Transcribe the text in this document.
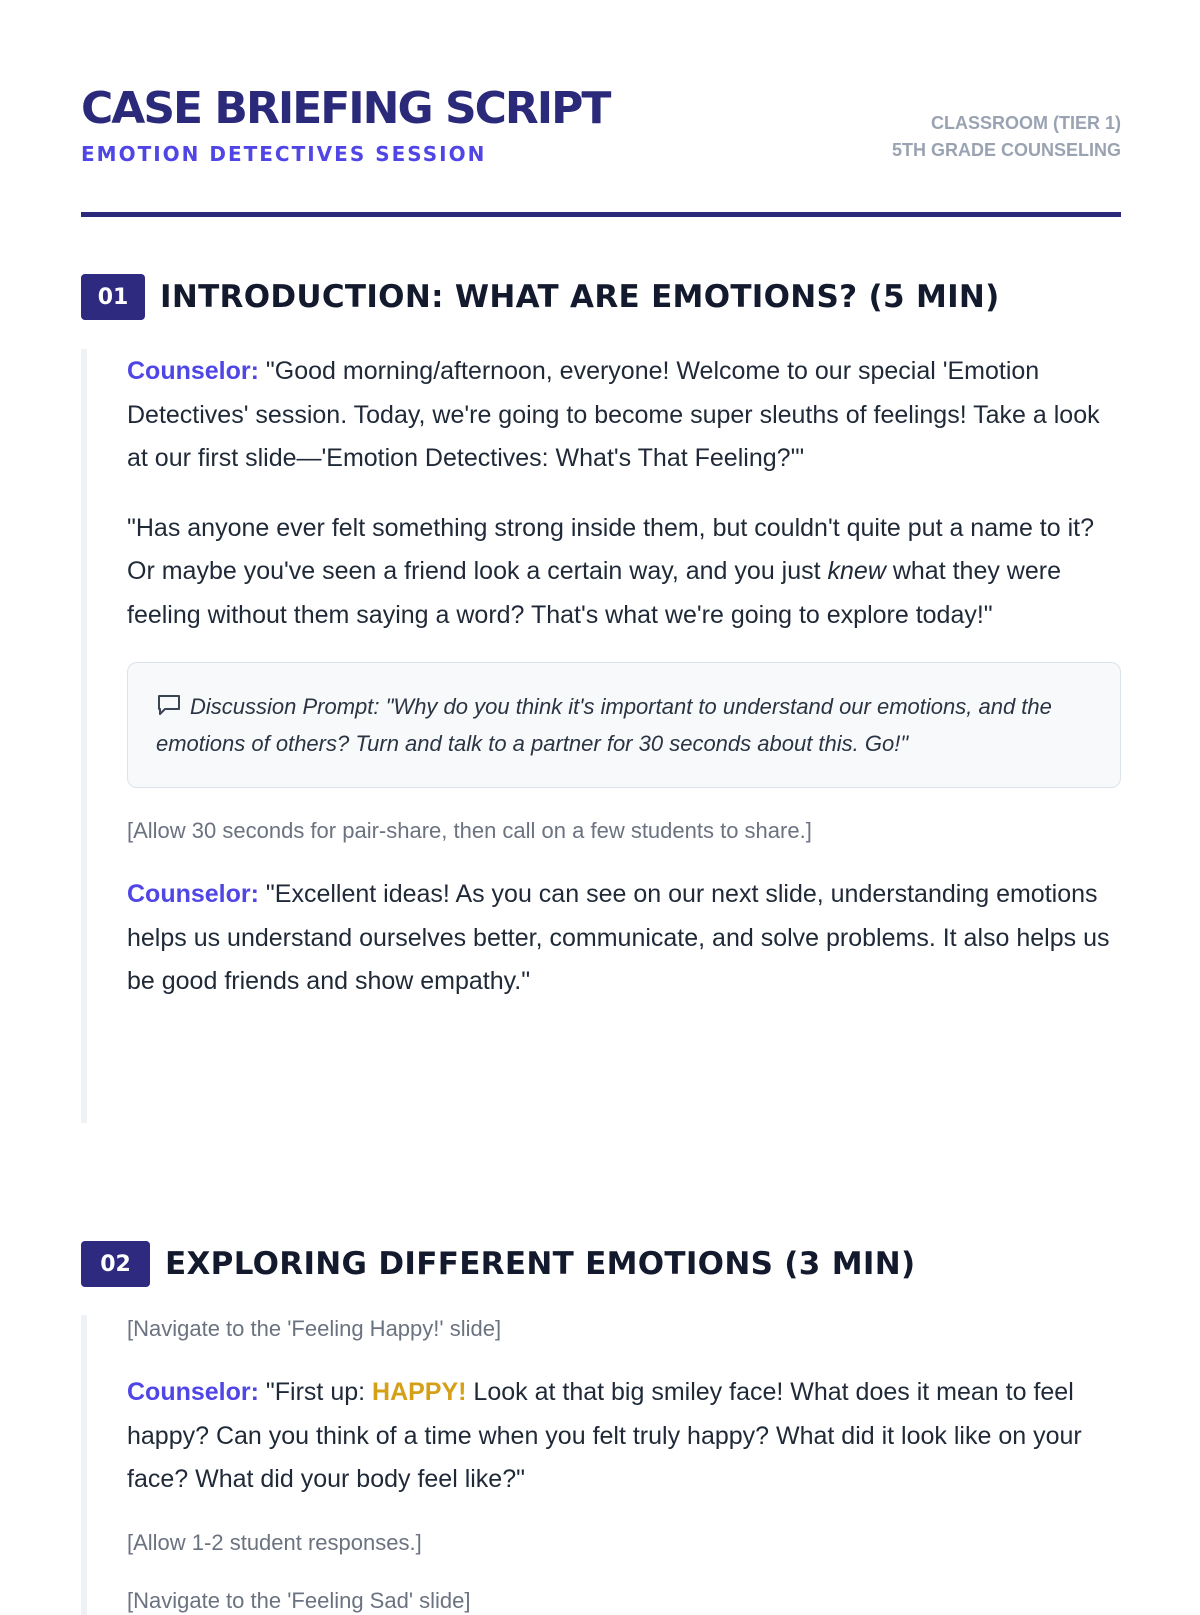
CASE BRIEFING SCRIPT
EMOTION DETECTIVES SESSION
CLASSROOM (TIER 1)
5TH GRADE COUNSELING
01	INTRODUCTION: WHAT ARE EMOTIONS? (5 MIN)

Counselor: "Good morning/afternoon, everyone! Welcome to our special 'Emotion Detectives' session. Today, we're going to become super sleuths of feelings! Take a look at our first slide—'Emotion Detectives: What's That Feeling?'"

"Has anyone ever felt something strong inside them, but couldn't quite put a name to it? Or maybe you've seen a friend look a certain way, and you just knew what they were feeling without them saying a word? That's what we're going to explore today!"

Discussion Prompt: "Why do you think it's important to understand our emotions, and the emotions of others? Turn and talk to a partner for 30 seconds about this. Go!"

[Allow 30 seconds for pair-share, then call on a few students to share.]

Counselor: "Excellent ideas! As you can see on our next slide, understanding emotions helps us understand ourselves better, communicate, and solve problems. It also helps us be good friends and show empathy."

02	EXPLORING DIFFERENT EMOTIONS (3 MIN)

[Navigate to the 'Feeling Happy!' slide]

Counselor: "First up: HAPPY! Look at that big smiley face! What does it mean to feel happy? Can you think of a time when you felt truly happy? What did it look like on your face? What did your body feel like?"

[Allow 1-2 student responses.]

[Navigate to the 'Feeling Sad' slide]
